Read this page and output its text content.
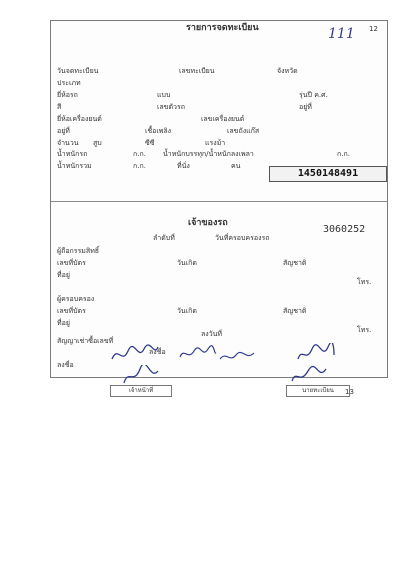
รายการจดทะเบียน	12
วันจดทะเบียน	เลขทะเบียน	จังหวัด
ประเภท
ยี่ห้อรถ	แบบ	รุ่นปี ค.ศ.
สี	เลขตัวรถ	อยู่ที่
ยี่ห้อเครื่องยนต์	เลขเครื่องยนต์
อยู่ที่	เชื้อเพลิง	เลขถังแก๊ส
จำนวน สูบ	ซีซี	แรงม้า
น้ำหนักรถ	ก.ก. น้ำหนักบรรทุก/น้ำหนักลงเพลา	ก.ก.
น้ำหนักรวม	ก.ก.	ที่นั่ง	คน
1450148491
3060252
ลำดับที่	วันที่ครอบครองรถ
เจ้าของรถ
ผู้ถือกรรมสิทธิ์
เลขที่บัตร	วันเกิด	สัญชาติ
ที่อยู่
โทร.
ผู้ครอบครอง
เลขที่บัตร	วันเกิด	สัญชาติ
ที่อยู่
โทร.
สัญญาเช่าซื้อเลขที่
ลงวันที่
ลงชื่อ
ลงชื่อ
13
เจ้าหน้าที่	นายทะเบียน
111
